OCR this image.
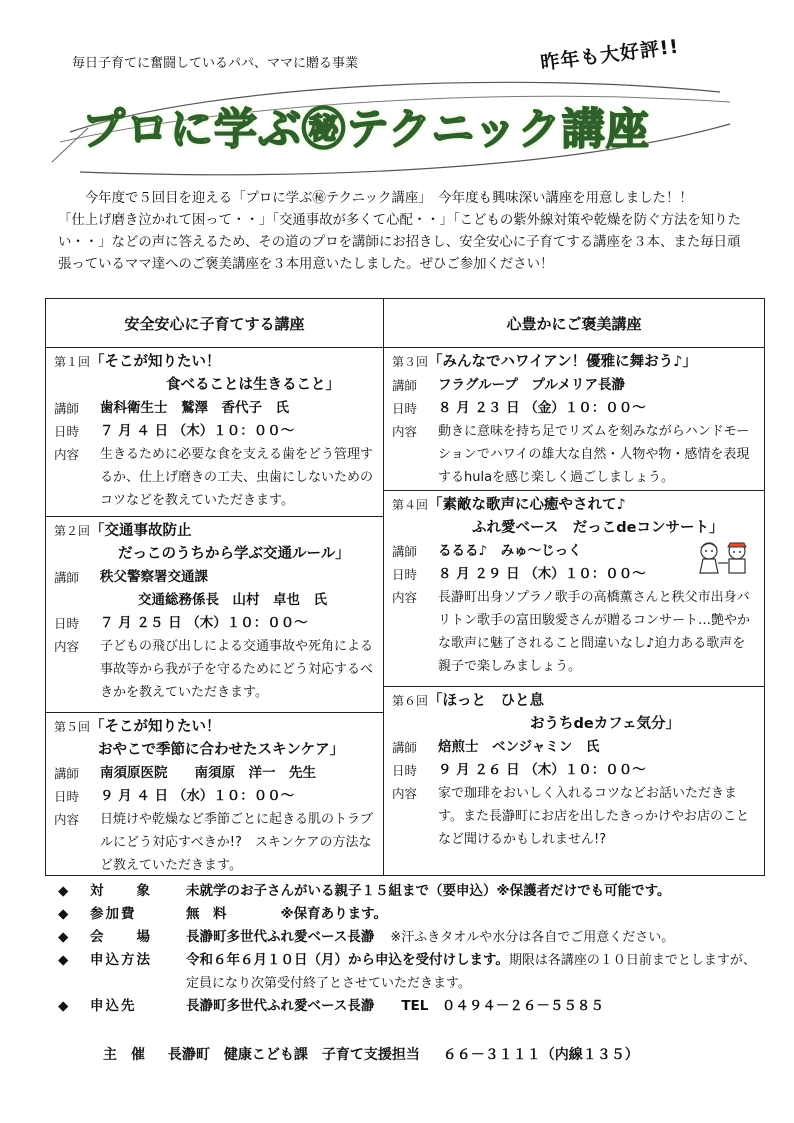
毎日子育てに奮闘しているパパ、ママに贈る事業	昨年も大好評!!
プロに学ぶ㊙テクニック講座

今年度で５回目を迎える「プロに学ぶ㊙テクニック講座」　今年度も興味深い講座を用意しました！！

「仕上げ磨き泣かれて困って・・」「交通事故が多くて心配・・」「こどもの紫外線対策や乾燥を防ぐ方法を知りたい・・」などの声に答えるため、その道のプロを講師にお招きし、安全安心に子育てする講座を３本、また毎日頑張っているママ達へのご褒美講座を３本用意いたしました。ぜひご参加ください！

安全安心に子育てする講座
第１回「そこが知りたい！
食べることは生きること」
講師	歯科衛生士　鷲澤　香代子　氏
日時	７ 月 ４ 日 （木）１０：００～
内容	生きるために必要な食を支える歯をどう管理するか、仕上げ磨きの工夫、虫歯にしないためのコツなどを教えていただきます。
第２回「交通事故防止
だっこのうちから学ぶ交通ルール」
講師	秩父警察署交通課
交通総務係長　山村　卓也　氏
日時	７ 月 ２５ 日 （木）１０：００～
内容	子どもの飛び出しによる交通事故や死角による事故等から我が子を守るためにどう対応するべきかを教えていただきます。
第５回「そこが知りたい！
おやこで季節に合わせたスキンケア」
講師	南須原医院　　南須原　洋一　先生
日時	９ 月 ４ 日 （水）１０：００～
内容	日焼けや乾燥など季節ごとに起きる肌のトラブルにどう対応すべきか!?　スキンケアの方法など教えていただきます。
心豊かにご褒美講座
第３回「みんなでハワイアン！優雅に舞おう♪」
講師	フラグループ　プルメリア長瀞
日時	８ 月 ２３ 日 （金）１０：００～
内容	動きに意味を持ち足でリズムを刻みながらハンドモーションでハワイの雄大な自然・人物や物・感情を表現するhulaを感じ楽しく過ごしましょう。
第４回「素敵な歌声に心癒やされて♪
ふれ愛ベース　だっこdeコンサート」
講師	るるる♪　みゅ～じっく
日時	８ 月 ２９ 日 （木）１０：００～
内容	長瀞町出身ソプラノ歌手の高橋薫さんと秩父市出身バリトン歌手の富田駿愛さんが贈るコンサート…艶やかな歌声に魅了されること間違いなし♪迫力ある歌声を親子で楽しみましょう。
第６回「ほっと　ひと息
おうちdeカフェ気分」
講師	焙煎士　ベンジャミン　氏
日時	９ 月 ２６ 日 （木）１０：００～
内容	家で珈琲をおいしく入れるコツなどお話いただきます。また長瀞町にお店を出したきっかけやお店のことなど聞けるかもしれません!?
◆	対　　象	未就学のお子さんがいる親子１５組まで（要申込）※保護者だけでも可能です。
◆	参加費	無　料　　　　※保育あります。
◆	会　　場	長瀞町多世代ふれ愛ベース長瀞 ※汗ふきタオルや水分は各自でご用意ください。
◆	申込方法	令和６年６月１０日（月）から申込を受付けします。期限は各講座の１０日前までとしますが、定員になり次第受付終了とさせていただきます。
◆	申込先	長瀞町多世代ふれ愛ベース長瀞　　TEL　０４９４－２６－５５８５
主　催 長瀞町　健康こども課　子育て支援担当 ６６－３１１１（内線１３５）
